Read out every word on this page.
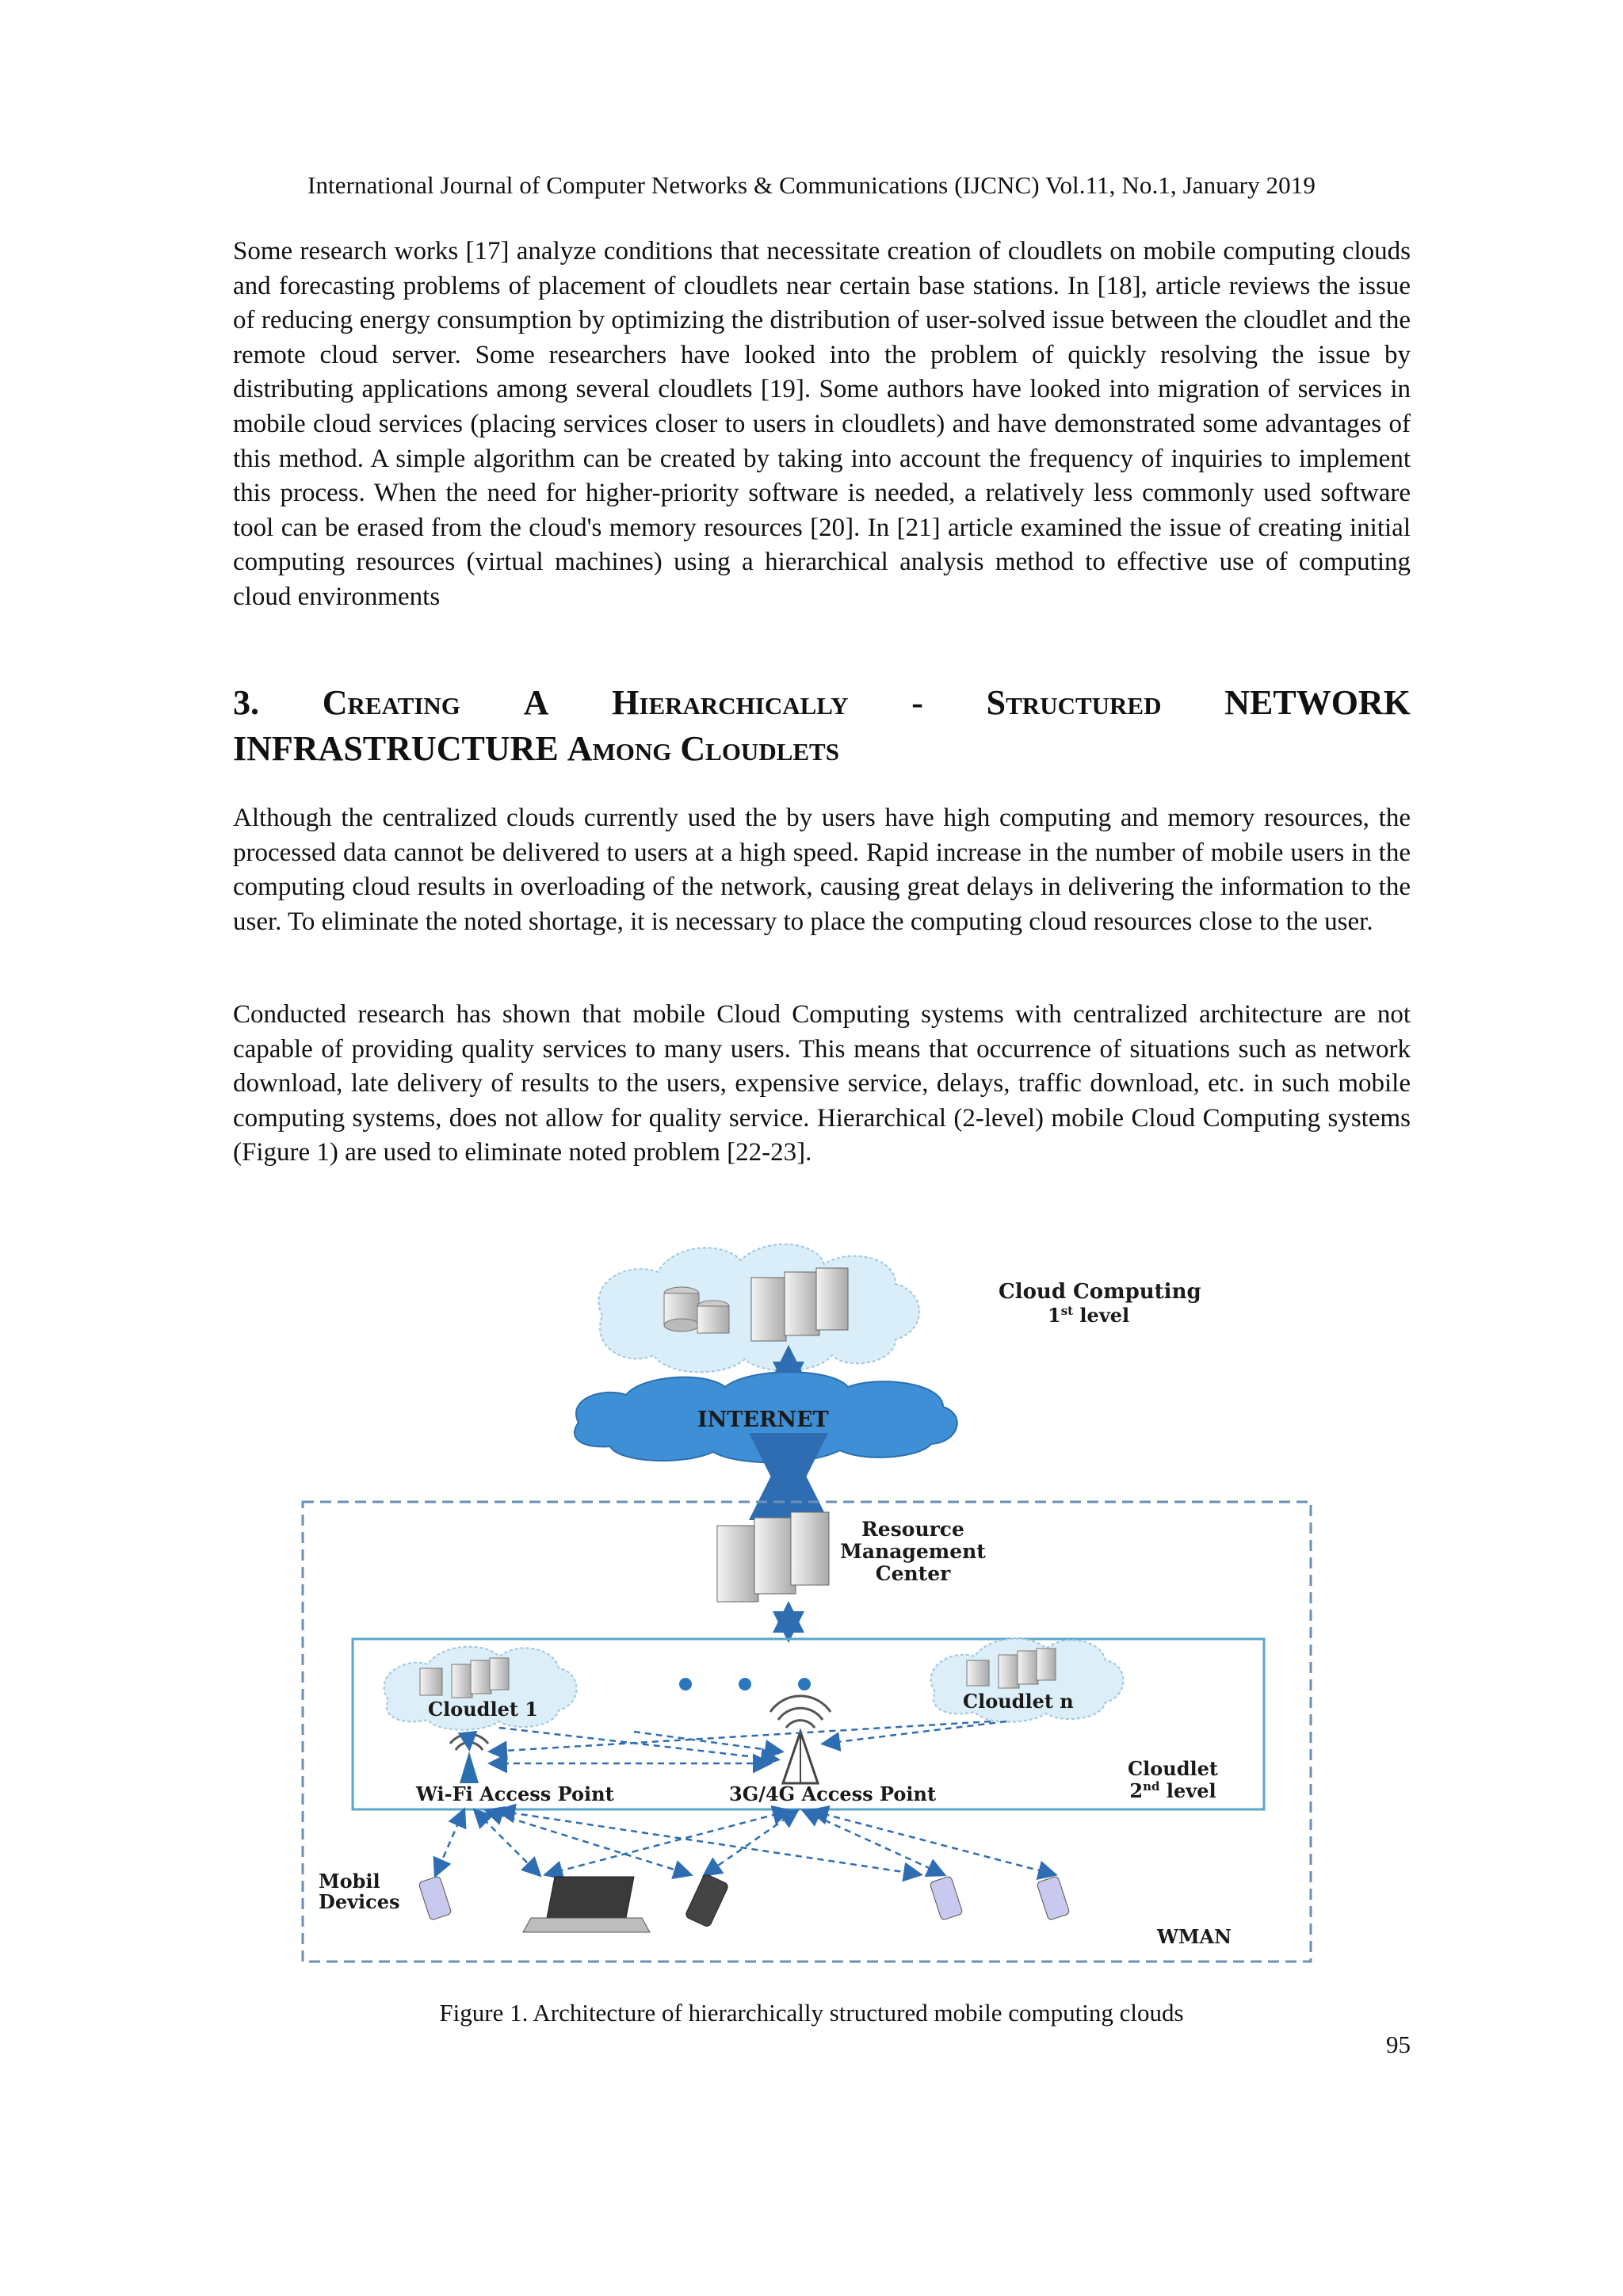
International Journal of Computer Networks & Communications (IJCNC) Vol.11, No.1, January 2019
Some research works [17] analyze conditions that necessitate creation of cloudlets on mobile computing clouds and forecasting problems of placement of cloudlets near certain base stations. In [18], article reviews the issue of reducing energy consumption by optimizing the distribution of user-solved issue between the cloudlet and the remote cloud server. Some researchers have looked into the problem of quickly resolving the issue by distributing applications among several cloudlets [19]. Some authors have looked into migration of services in mobile cloud services (placing services closer to users in cloudlets) and have demonstrated some advantages of this method. A simple algorithm can be created by taking into account the frequency of inquiries to implement this process. When the need for higher-priority software is needed, a relatively less commonly used software tool can be erased from the cloud's memory resources [20]. In [21] article examined the issue of creating initial computing resources (virtual machines) using a hierarchical analysis method to effective use of computing cloud environments
3. Creating A Hierarchically - Structured NETWORK
INFRASTRUCTURE Among Cloudlets
Although the centralized clouds currently used the by users have high computing and memory resources, the processed data cannot be delivered to users at a high speed. Rapid increase in the number of mobile users in the computing cloud results in overloading of the network, causing great delays in delivering the information to the user. To eliminate the noted shortage, it is necessary to place the computing cloud resources close to the user.
Conducted research has shown that mobile Cloud Computing systems with centralized architecture are not capable of providing quality services to many users. This means that occurrence of situations such as network download, late delivery of results to the users, expensive service, delays, traffic download, etc. in such mobile computing systems, does not allow for quality service. Hierarchical (2-level) mobile Cloud Computing systems (Figure 1) are used to eliminate noted problem [22-23].
Cloud Computing
1st level
INTERNET
Resource
Management
Center
Cloudlet 1	Cloudlet n
Wi-Fi Access Point	3G/4G Access Point
Cloudlet
2nd level
Mobil
Devices
WMAN
Figure 1. Architecture of hierarchically structured mobile computing clouds
95
